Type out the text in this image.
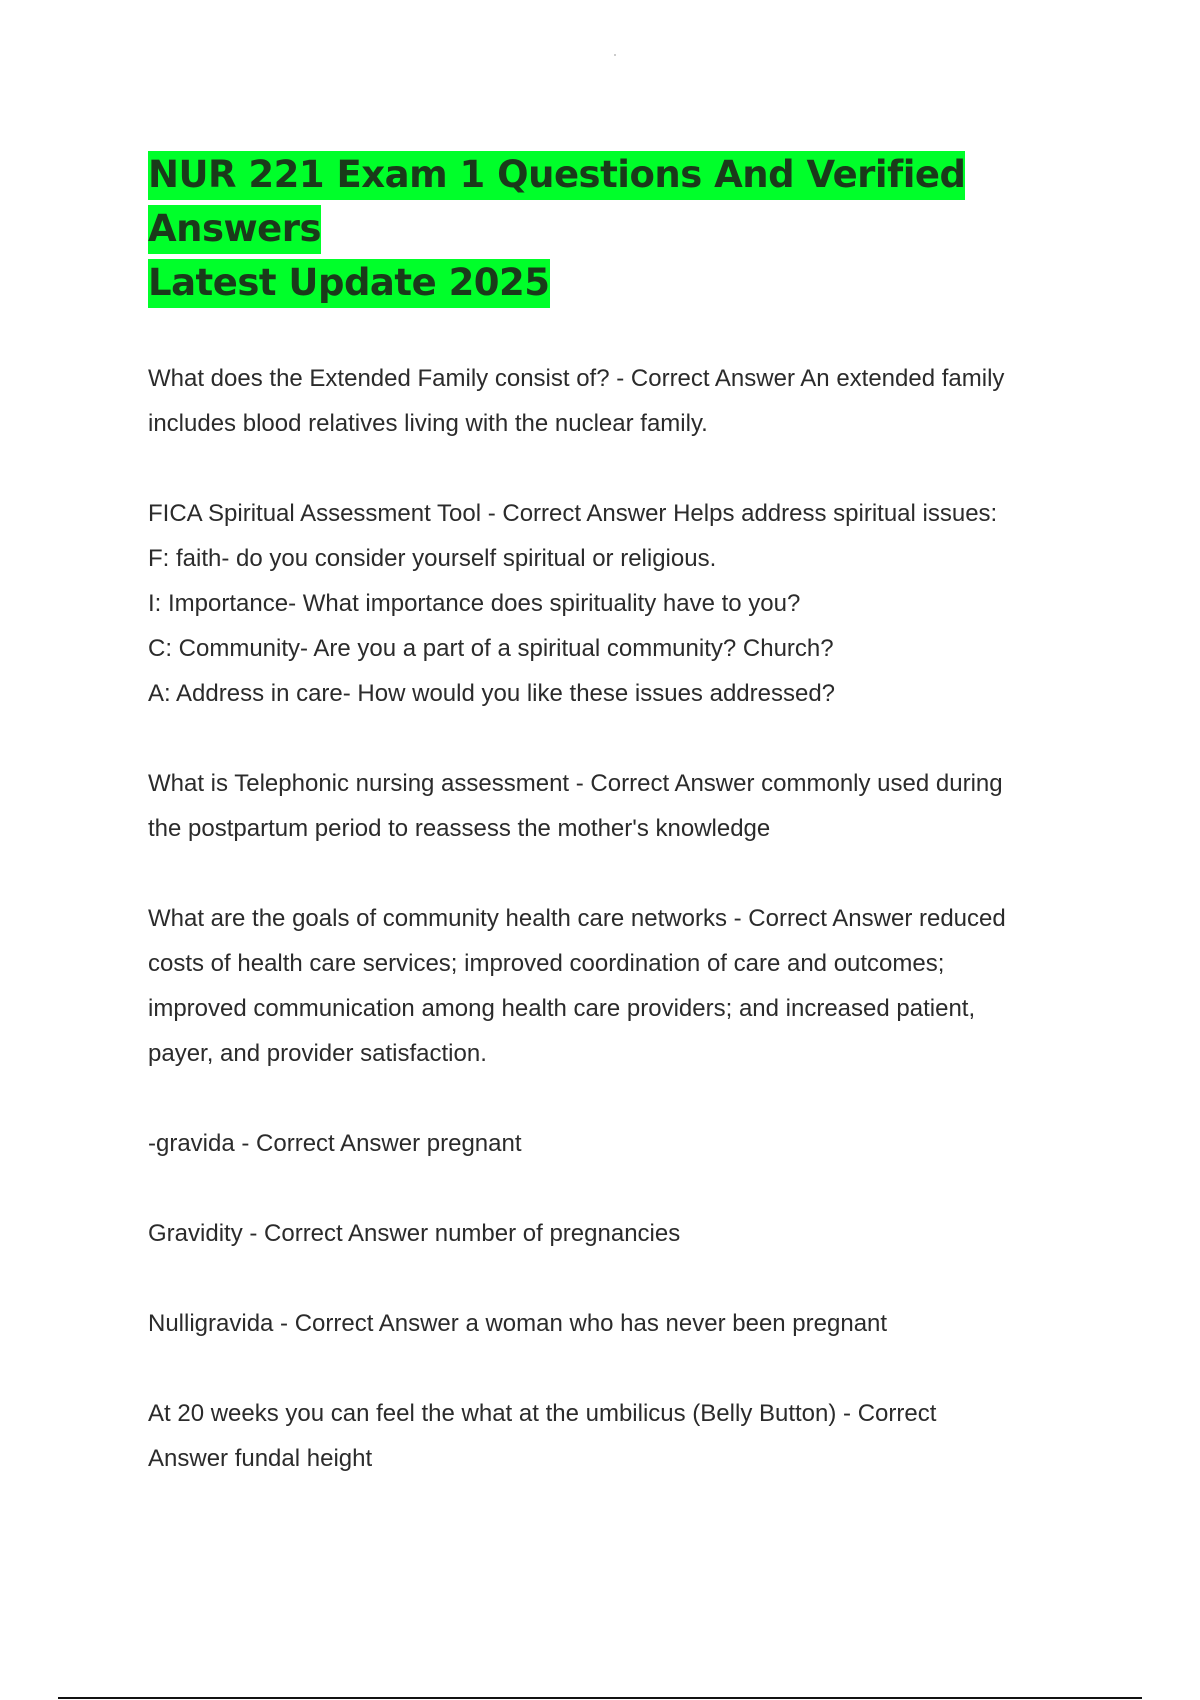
NUR 221 Exam 1 Questions And Verified Answers
Latest Update 2025
What does the Extended Family consist of? - Correct Answer An extended family
includes blood relatives living with the nuclear family.
FICA Spiritual Assessment Tool - Correct Answer Helps address spiritual issues:
F: faith- do you consider yourself spiritual or religious.
I: Importance- What importance does spirituality have to you?
C: Community- Are you a part of a spiritual community? Church?
A: Address in care- How would you like these issues addressed?
What is Telephonic nursing assessment - Correct Answer commonly used during
the postpartum period to reassess the mother's knowledge
What are the goals of community health care networks - Correct Answer reduced
costs of health care services; improved coordination of care and outcomes;
improved communication among health care providers; and increased patient,
payer, and provider satisfaction.
-gravida - Correct Answer pregnant
Gravidity - Correct Answer number of pregnancies
Nulligravida - Correct Answer a woman who has never been pregnant
At 20 weeks you can feel the what at the umbilicus (Belly Button) - Correct
Answer fundal height
